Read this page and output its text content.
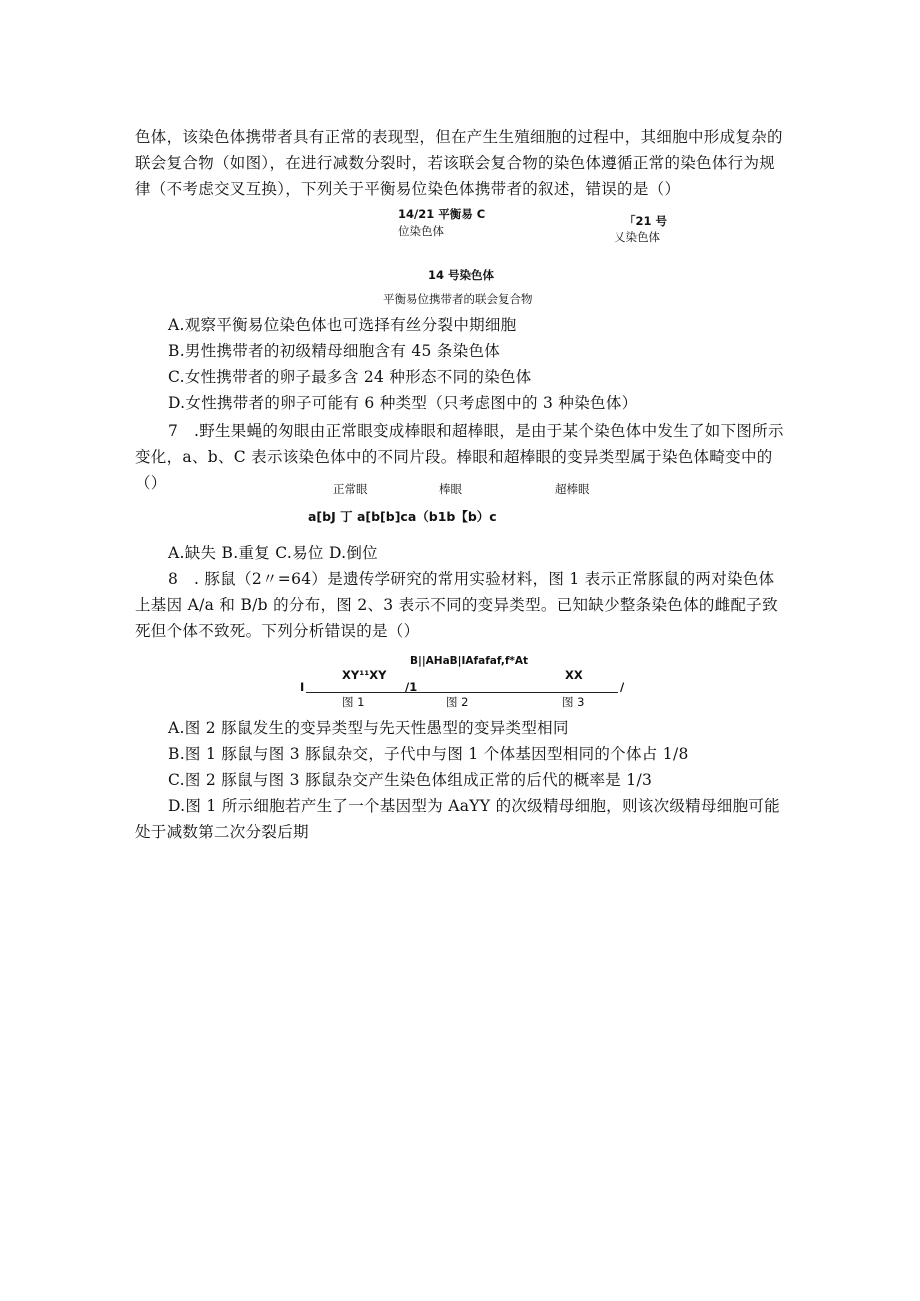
色体，该染色体携带者具有正常的表现型，但在产生生殖细胞的过程中，其细胞中形成复杂的联会复合物（如图），在进行减数分裂时，若该联会复合物的染色体遵循正常的染色体行为规律（不考虑交叉互换），下列关于平衡易位染色体携带者的叙述，错误的是（）

14/21 平衡易 C
位染色体
「21 号
乂染色体
14 号染色体
平衡易位携带者的联会复合物

A.观察平衡易位染色体也可选择有丝分裂中期细胞

B.男性携带者的初级精母细胞含有 45 条染色体

C.女性携带者的卵子最多含 24 种形态不同的染色体

D.女性携带者的卵子可能有 6 种类型（只考虑图中的 3 种染色体）

7　.野生果蝇的匆眼由正常眼变成棒眼和超棒眼，是由于某个染色体中发生了如下图所示变化，a、b、C 表示该染色体中的不同片段。棒眼和超棒眼的变异类型属于染色体畸变中的（）	正常眼	棒眼	超棒眼
a[bJ 丁 a[b[b]ca（b1b【b）c

A.缺失 B.重复 C.易位 D.倒位

8　. 豚鼠（2〃=64）是遗传学研究的常用实验材料，图 1 表示正常豚鼠的两对染色体上基因 A/a 和 B/b 的分布，图 2、3 表示不同的变异类型。已知缺少整条染色体的雌配子致死但个体不致死。下列分析错误的是（）

B||AHaB|IAfafaf,f*At
XY¹¹XY	XX
I	/1	/
图 1	图 2	图 3

A.图 2 豚鼠发生的变异类型与先天性愚型的变异类型相同

B.图 1 豚鼠与图 3 豚鼠杂交，子代中与图 1 个体基因型相同的个体占 1/8

C.图 2 豚鼠与图 3 豚鼠杂交产生染色体组成正常的后代的概率是 1/3

D.图 1 所示细胞若产生了一个基因型为 AaYY 的次级精母细胞，则该次级精母细胞可能处于减数第二次分裂后期
